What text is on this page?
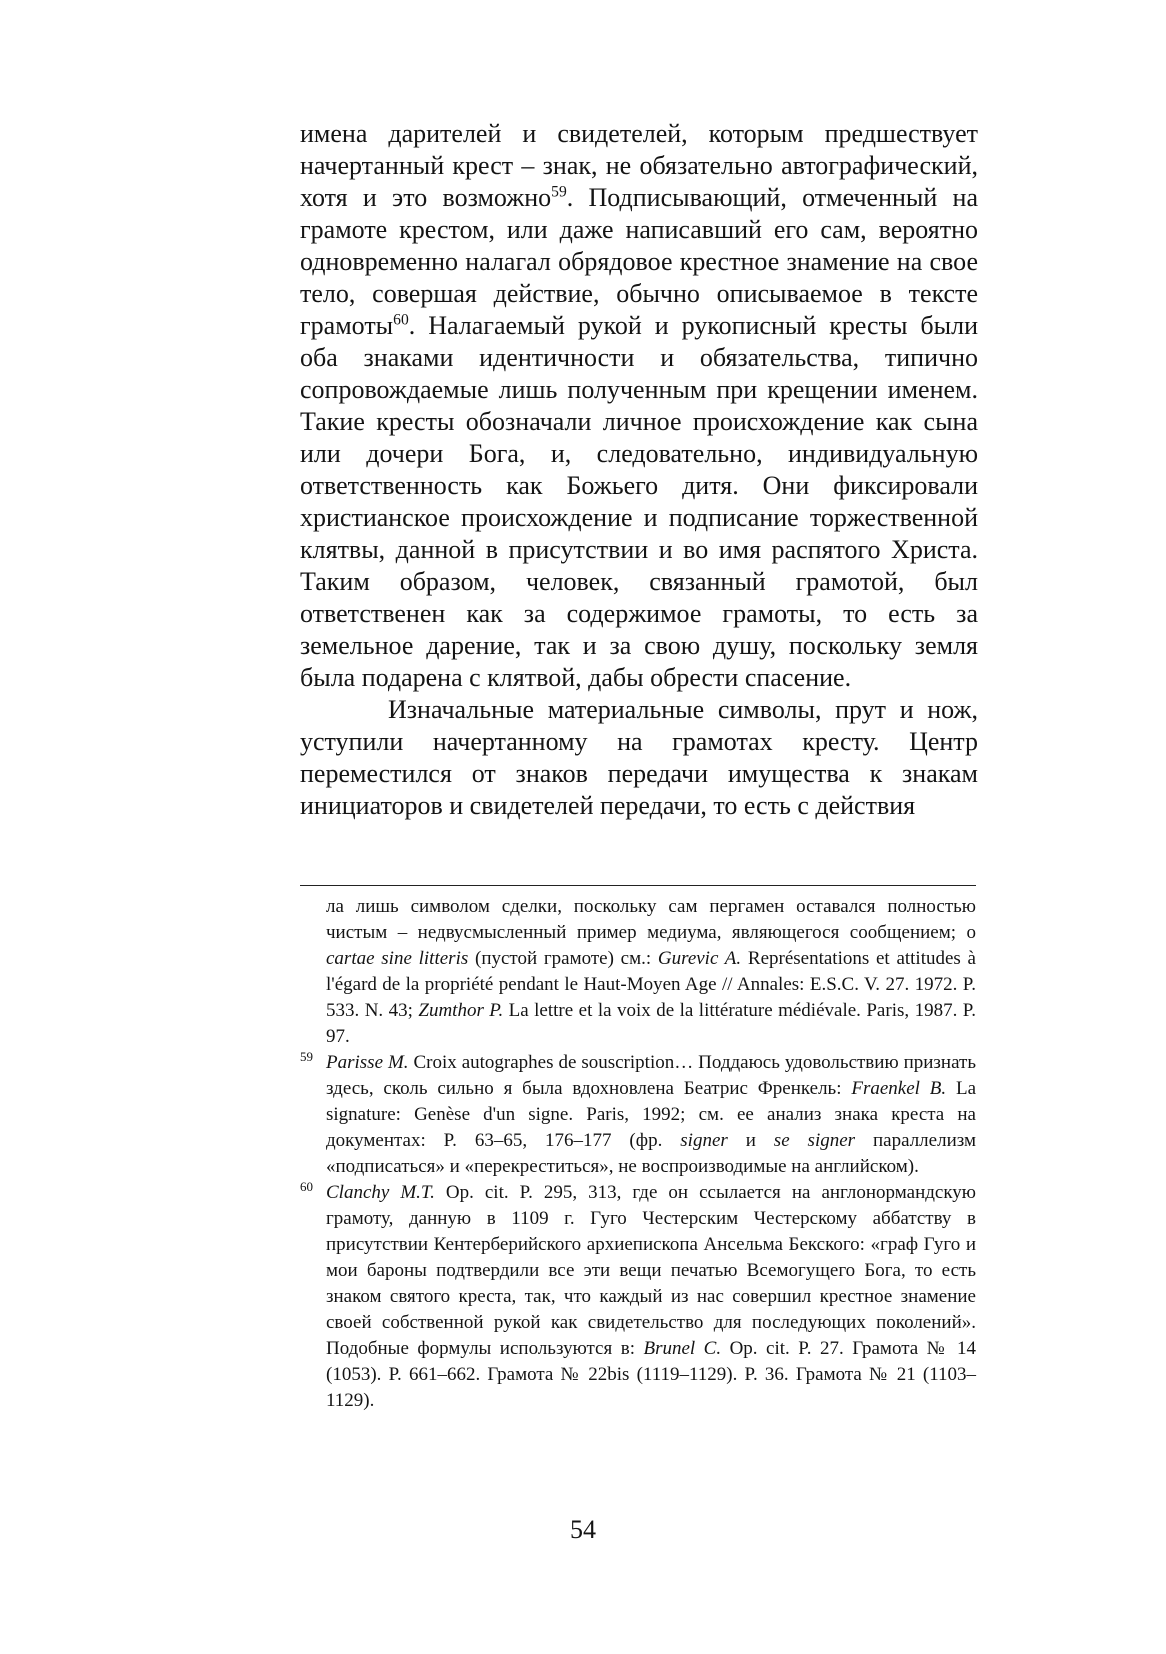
имена дарителей и свидетелей, которым предшествует начертанный крест – знак, не обязательно автографический, хотя и это возможно$^{59}$. Подписывающий, отмеченный на грамоте крестом, или даже написавший его сам, вероятно одновременно налагал обрядовое крестное знамение на свое тело, совершая действие, обычно описываемое в тексте грамоты$^{60}$. Налагаемый рукой и рукописный кресты были оба знаками идентичности и обязательства, типично сопровождаемые лишь полученным при крещении именем. Такие кресты обозначали личное происхождение как сына или дочери Бога, и, следовательно, индивидуальную ответственность как Божьего дитя. Они фиксировали христианское происхождение и подписание торжественной клятвы, данной в присутствии и во имя распятого Христа. Таким образом, человек, связанный грамотой, был ответственен как за содержимое грамоты, то есть за земельное дарение, так и за свою душу, поскольку земля была подарена с клятвой, дабы обрести спасение.

Изначальные материальные символы, прут и нож, уступили начертанному на грамотах кресту. Центр переместился от знаков передачи имущества к знакам инициаторов и свидетелей передачи, то есть с действия

ла лишь символом сделки, поскольку сам пергамен оставался полностью чистым – недвусмысленный пример медиума, являющегося сообщением; о cartae sine litteris (пустой грамоте) см.: Gurevic A. Représentations et attitudes à l'égard de la propriété pendant le Haut-Moyen Age // Annales: E.S.C. V. 27. 1972. P. 533. N. 43; Zumthor P. La lettre et la voix de la littérature médiévale. Paris, 1987. P. 97.

59 Parisse M. Croix autographes de souscription… Поддаюсь удовольствию признать здесь, сколь сильно я была вдохновлена Беатрис Френкель: Fraenkel B. La signature: Genèse d'un signe. Paris, 1992; см. ее анализ знака креста на документах: P. 63–65, 176–177 (фр. signer и se signer параллелизм «подписаться» и «перекреститься», не воспроизводимые на английском).

60 Clanchy M.T. Op. cit. P. 295, 313, где он ссылается на англонормандскую грамоту, данную в 1109 г. Гуго Честерским Честерскому аббатству в присутствии Кентерберийского архиепископа Ансельма Бекского: «граф Гуго и мои бароны подтвердили все эти вещи печатью Всемогущего Бога, то есть знаком святого креста, так, что каждый из нас совершил крестное знамение своей собственной рукой как свидетельство для последующих поколений». Подобные формулы используются в: Brunel C. Op. cit. P. 27. Грамота № 14 (1053). P. 661–662. Грамота № 22bis (1119–1129). P. 36. Грамота № 21 (1103–1129).

54
